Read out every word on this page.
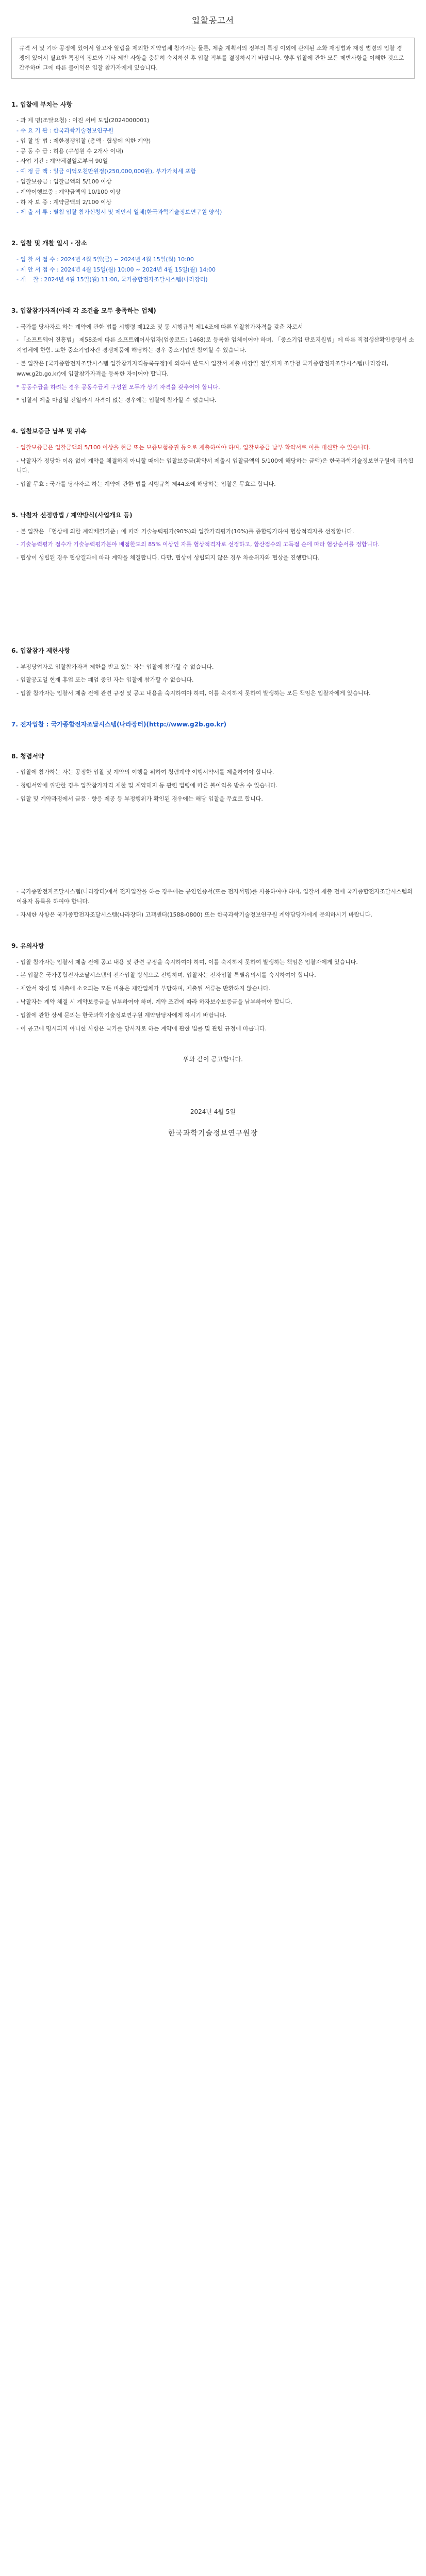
입찰공고서
규격 서 및 기타 공정에 있어서 알고자 알림을 제외한 계약업체 참가자는 물론, 제출 계획서의 정부의 특정 이외에 관계된 소화 재정법과 재정 법령의 입찰 경쟁에 있어서 필요한 특정의 정보와 기타 제반 사항을 충분히 숙지하신 후 입찰 적부를 결정하시기 바랍니다. 향후 입찰에 관한 모든 제반사항을 이해한 것으로 간주하며 그에 따른 불이익은 입찰 참가자에게 있습니다.
1. 입찰에 부치는 사항
- 과 제 명(조달요청) : 이진 서버 도입(2024000001)
- 수 요 기 관 : 한국과학기술정보연구원
- 입 찰 방 법 : 제한경쟁입찰 (총액 · 협상에 의한 계약)
- 공 동 수 급 : 허용 (구성원 수 2개사 이내)
- 사업 기간 : 계약체결일로부터 90일
- 예 정 금 액 : 일금 이억오천만원정(\250,000,000원), 부가가치세 포함
- 입찰보증금 : 입찰금액의 5/100 이상
- 계약이행보증 : 계약금액의 10/100 이상
- 하 자 보 증 : 계약금액의 2/100 이상
- 제 출 서 류 : 별첨 입찰 참가신청서 및 제안서 일체(한국과학기술정보연구원 양식)
2. 입찰 및 개찰 일시 · 장소
- 입 찰 서 접 수 : 2024년 4월 5일(금) ~ 2024년 4월 15일(월) 10:00
- 제 안 서 접 수 : 2024년 4월 15일(월) 10:00 ~ 2024년 4월 15일(월) 14:00
- 개    찰 : 2024년 4월 15일(월) 11:00, 국가종합전자조달시스템(나라장터)
3. 입찰참가자격(아래 각 조건을 모두 충족하는 업체)
- 국가를 당사자로 하는 계약에 관한 법률 시행령 제12조 및 동 시행규칙 제14조에 따른 입찰참가자격을 갖춘 자로서
- 「소프트웨어 진흥법」 제58조에 따른 소프트웨어사업자(업종코드: 1468)로 등록한 업체이어야 하며, 「중소기업 판로지원법」에 따른 직접생산확인증명서 소지업체에 한함. 또한 중소기업자간 경쟁제품에 해당하는 경우 중소기업만 참여할 수 있습니다.
- 본 입찰은 [국가종합전자조달시스템 입찰참가자격등록규정]에 의하여 반드시 입찰서 제출 마감일 전일까지 조달청 국가종합전자조달시스템(나라장터, www.g2b.go.kr)에 입찰참가자격을 등록한 자이어야 합니다.
* 공동수급을 하려는 경우 공동수급체 구성원 모두가 상기 자격을 갖추어야 합니다.
* 입찰서 제출 마감일 전일까지 자격이 없는 경우에는 입찰에 참가할 수 없습니다.
4. 입찰보증금 납부 및 귀속
- 입찰보증금은 입찰금액의 5/100 이상을 현금 또는 보증보험증권 등으로 제출하여야 하며, 입찰보증금 납부 확약서로 이를 대신할 수 있습니다.
- 낙찰자가 정당한 이유 없이 계약을 체결하지 아니할 때에는 입찰보증금(확약서 제출시 입찰금액의 5/100에 해당하는 금액)은 한국과학기술정보연구원에 귀속됩니다.
- 입찰 무효 : 국가를 당사자로 하는 계약에 관한 법률 시행규칙 제44조에 해당하는 입찰은 무효로 합니다.
5. 낙찰자 선정방법 / 계약방식(사업개요 등)
- 본 입찰은 「협상에 의한 계약체결기준」에 따라 기술능력평가(90%)와 입찰가격평가(10%)를 종합평가하여 협상적격자를 선정합니다.
- 기술능력평가 점수가 기술능력평가분야 배점한도의 85% 이상인 자를 협상적격자로 선정하고, 합산점수의 고득점 순에 따라 협상순서를 정합니다.
- 협상이 성립된 경우 협상결과에 따라 계약을 체결합니다. 다만, 협상이 성립되지 않은 경우 차순위자와 협상을 진행합니다.
6. 입찰참가 제한사항
- 부정당업자로 입찰참가자격 제한을 받고 있는 자는 입찰에 참가할 수 없습니다.
- 입찰공고일 현재 휴업 또는 폐업 중인 자는 입찰에 참가할 수 없습니다.
- 입찰 참가자는 입찰서 제출 전에 관련 규정 및 공고 내용을 숙지하여야 하며, 이를 숙지하지 못하여 발생하는 모든 책임은 입찰자에게 있습니다.
7. 전자입찰 : 국가종합전자조달시스템(나라장터)(http://www.g2b.go.kr)
8. 청렴서약
- 입찰에 참가하는 자는 공정한 입찰 및 계약의 이행을 위하여 청렴계약 이행서약서를 제출하여야 합니다.
- 청렴서약에 위반한 경우 입찰참가자격 제한 및 계약해지 등 관련 법령에 따른 불이익을 받을 수 있습니다.
- 입찰 및 계약과정에서 금품 · 향응 제공 등 부정행위가 확인된 경우에는 해당 입찰을 무효로 합니다.
- 국가종합전자조달시스템(나라장터)에서 전자입찰을 하는 경우에는 공인인증서(또는 전자서명)를 사용하여야 하며, 입찰서 제출 전에 국가종합전자조달시스템의 이용자 등록을 하여야 합니다.
- 자세한 사항은 국가종합전자조달시스템(나라장터) 고객센터(1588-0800) 또는 한국과학기술정보연구원 계약담당자에게 문의하시기 바랍니다.
9. 유의사항
- 입찰 참가자는 입찰서 제출 전에 공고 내용 및 관련 규정을 숙지하여야 하며, 이를 숙지하지 못하여 발생하는 책임은 입찰자에게 있습니다.
- 본 입찰은 국가종합전자조달시스템의 전자입찰 방식으로 진행하며, 입찰자는 전자입찰 특별유의서를 숙지하여야 합니다.
- 제안서 작성 및 제출에 소요되는 모든 비용은 제안업체가 부담하며, 제출된 서류는 반환하지 않습니다.
- 낙찰자는 계약 체결 시 계약보증금을 납부하여야 하며, 계약 조건에 따라 하자보수보증금을 납부하여야 합니다.
- 입찰에 관한 상세 문의는 한국과학기술정보연구원 계약담당자에게 하시기 바랍니다.
- 이 공고에 명시되지 아니한 사항은 국가를 당사자로 하는 계약에 관한 법률 및 관련 규정에 따릅니다.
위와 같이 공고합니다.
2024년 4월 5일
한국과학기술정보연구원장
